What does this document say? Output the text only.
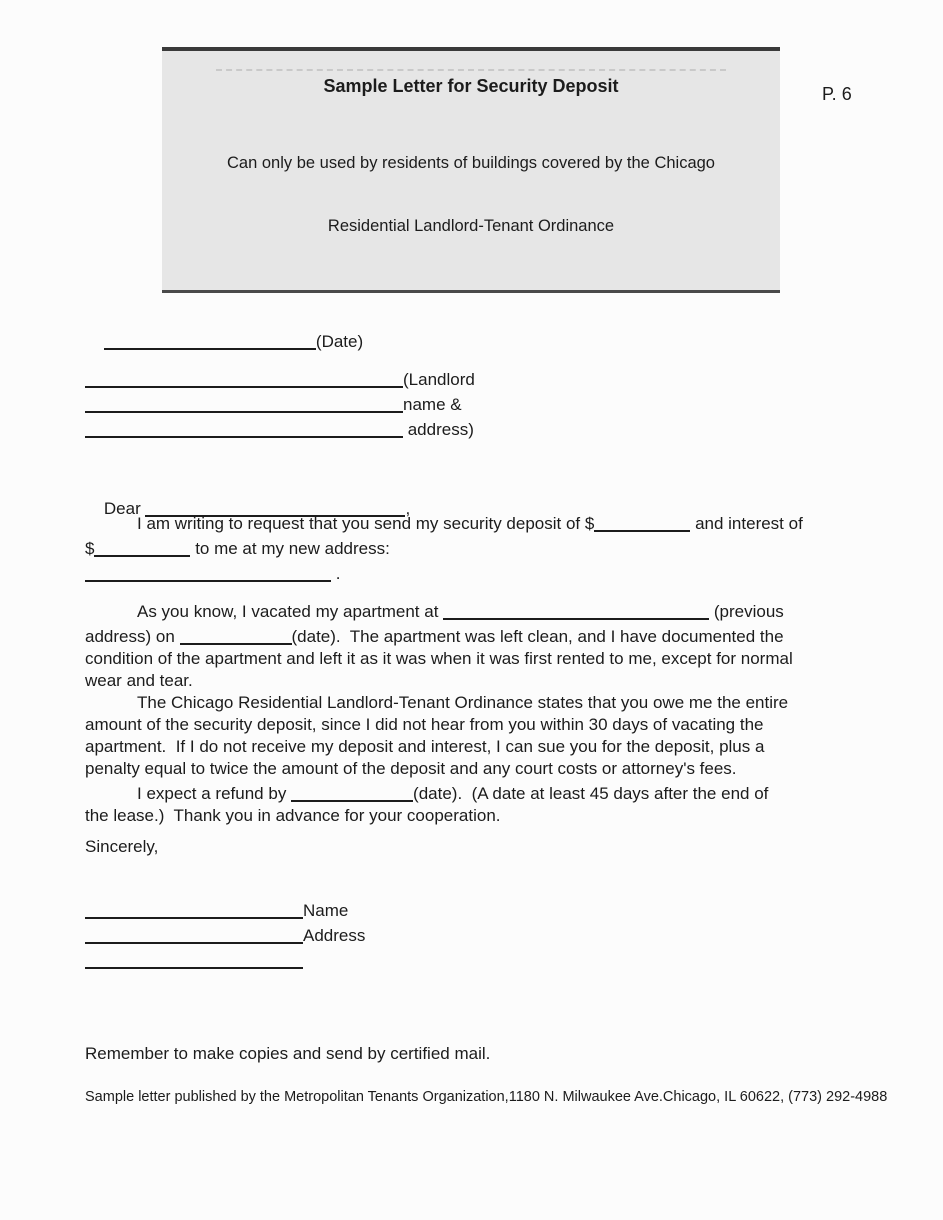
Sample Letter for Security Deposit

Can only be used by residents of buildings covered by the Chicago

Residential Landlord-Tenant Ordinance

P. 6

(Date)

(Landlord
name &
address)

Dear	,

I am writing to request that you send my security deposit of $	and interest of
$	to me at my new address:
.
As you know, I vacated my apartment at	(previous
address) on	(date).  The apartment was left clean, and I have documented the
condition of the apartment and left it as it was when it was first rented to me, except for normal
wear and tear.
The Chicago Residential Landlord-Tenant Ordinance states that you owe me the entire
amount of the security deposit, since I did not hear from you within 30 days of vacating the
apartment.  If I do not receive my deposit and interest, I can sue you for the deposit, plus a
penalty equal to twice the amount of the deposit and any court costs or attorney's fees.
I expect a refund by	(date).  (A date at least 45 days after the end of
the lease.)  Thank you in advance for your cooperation.
Sincerely,
Name
Address
Remember to make copies and send by certified mail.
Sample letter published by the Metropolitan Tenants Organization,1180 N. Milwaukee Ave.Chicago, IL 60622, (773) 292-4988
